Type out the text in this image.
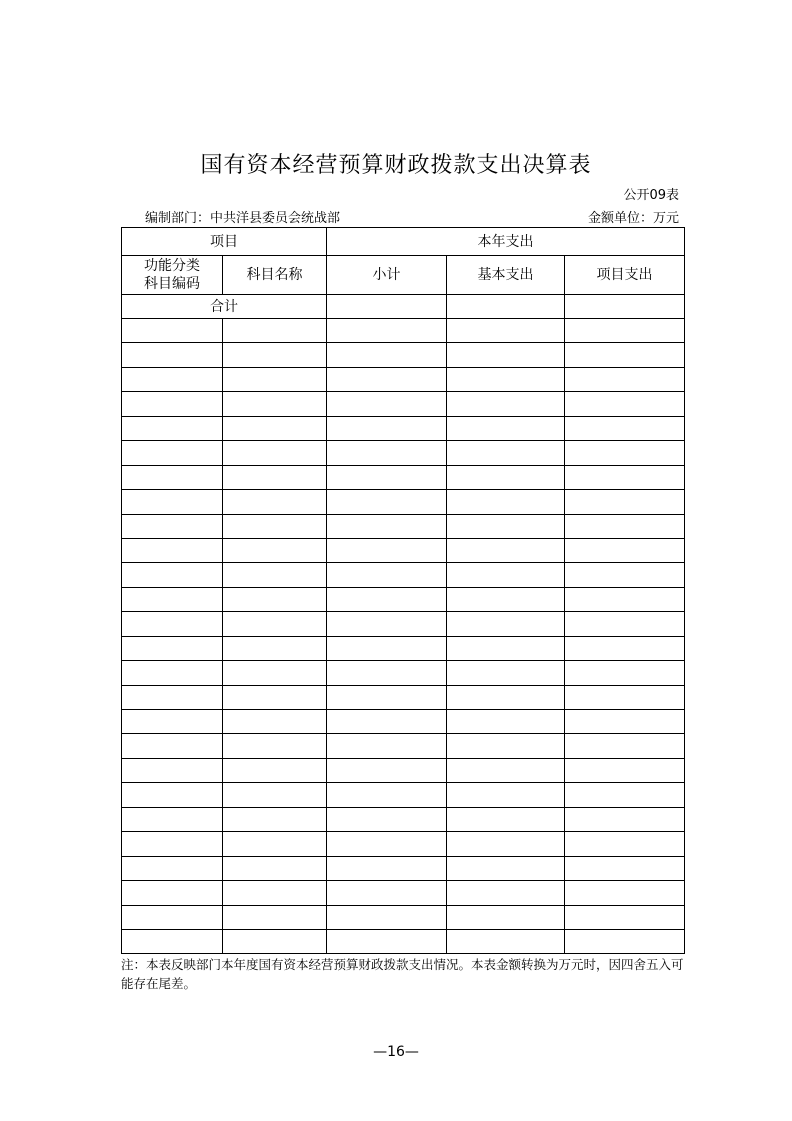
国有资本经营预算财政拨款支出决算表
公开09表
编制部门：中共洋县委员会统战部	金额单位：万元
项目		本年支出		
功能分类
科目编码	科目名称	小计	基本支出	项目支出
合计				

注：本表反映部门本年度国有资本经营预算财政拨款支出情况。本表金额转换为万元时，因四舍五入可能存在尾差。
—16—
